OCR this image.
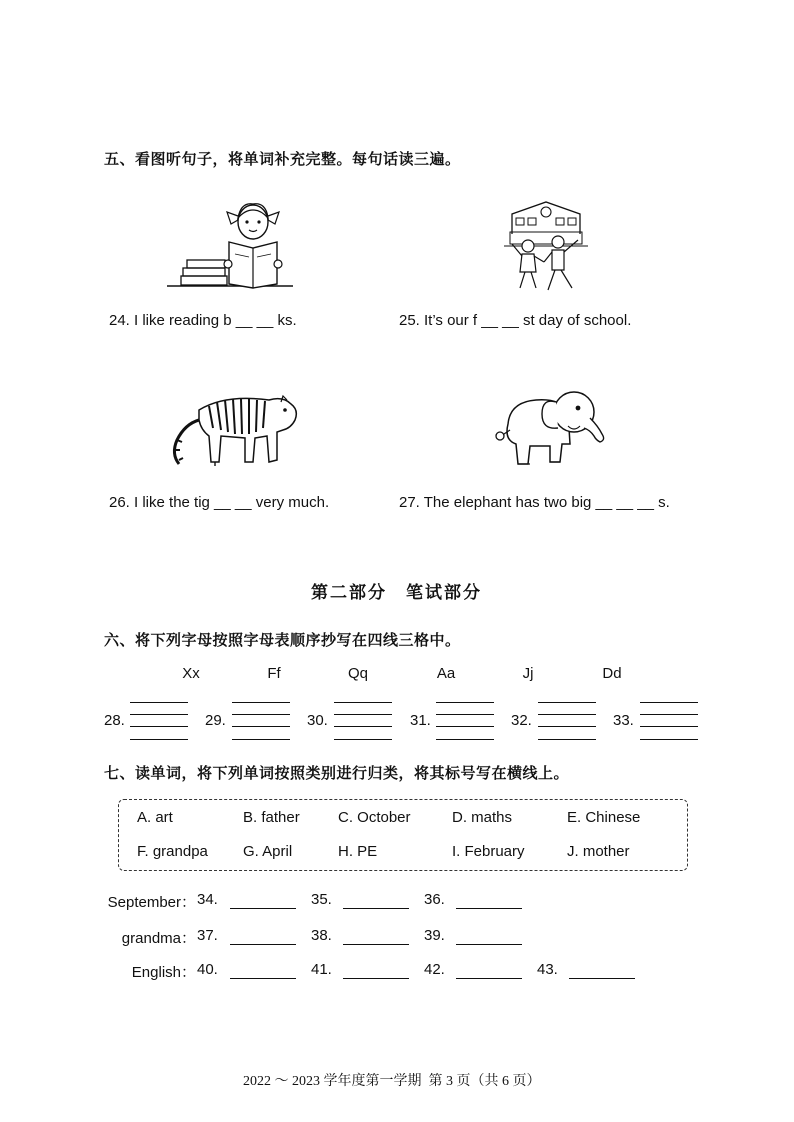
五、看图听句子，将单词补充完整。每句话读三遍。
24. I like reading b __ __ ks.	25. It’s our f __ __ st day of school.
26. I like the tig __ __ very much.	27. The elephant has two big __ __ __ s.
第二部分　笔试部分
六、将下列字母按照字母表顺序抄写在四线三格中。
Xx	Ff	Qq	Aa	Jj	Dd
28.	29.	30.	31.	32.	33.
七、读单词，将下列单词按照类别进行归类，将其标号写在横线上。
A. art	B. father	C. October	D. maths	E. Chinese
F. grandpa G. April	H. PE	I. February	J. mother
September： 34.	35.	36.
grandma： 37.	38.	39.
English： 40.	41.	42.	43.
2022 ～ 2023 学年度第一学期  第 3 页（共 6 页）
